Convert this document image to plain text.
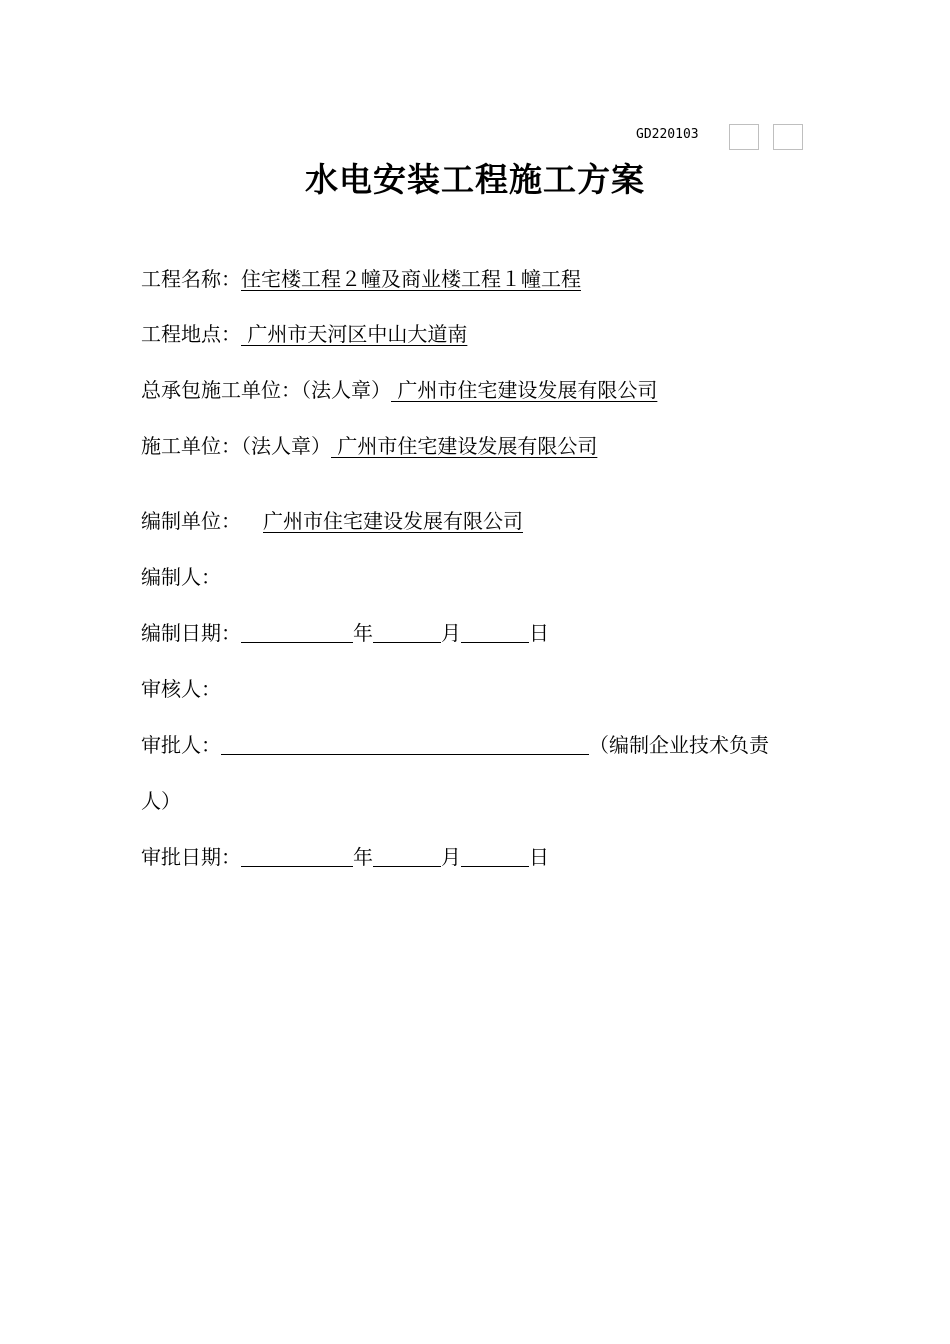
GD220103
水电安装工程施工方案
工程名称：住宅楼工程２幢及商业楼工程１幢工程
工程地点： 广州市天河区中山大道南
总承包施工单位：（法人章） 广州市住宅建设发展有限公司
施工单位：（法人章） 广州市住宅建设发展有限公司
编制单位： 广州市住宅建设发展有限公司
编制人：
编制日期：	年	月	日
审核人：
审批人：	（编制企业技术负责
人）
审批日期：	年	月	日
